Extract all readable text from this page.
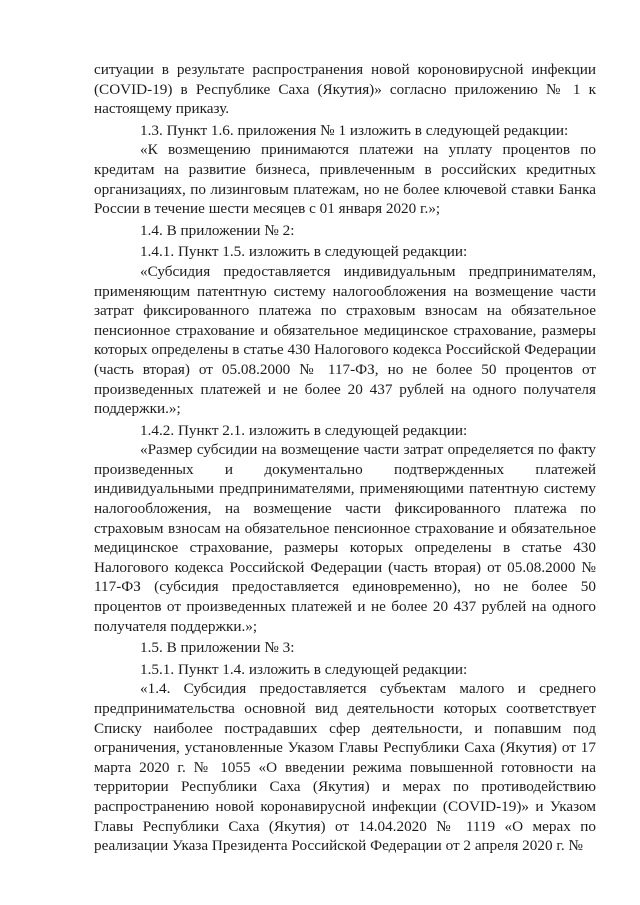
ситуации в результате распространения новой короновирусной инфекции (COVID-19) в Республике Саха (Якутия)» согласно приложению № 1 к настоящему приказу.

1.3. Пункт 1.6. приложения № 1 изложить в следующей редакции:

«К возмещению принимаются платежи на уплату процентов по кредитам на развитие бизнеса, привлеченным в российских кредитных организациях, по лизинговым платежам, но не более ключевой ставки Банка России в течение шести месяцев с 01 января 2020 г.»;

1.4. В приложении № 2:

1.4.1. Пункт 1.5. изложить в следующей редакции:

«Субсидия предоставляется индивидуальным предпринимателям, применяющим патентную систему налогообложения на возмещение части затрат фиксированного платежа по страховым взносам на обязательное пенсионное страхование и обязательное медицинское страхование, размеры которых определены в статье 430 Налогового кодекса Российской Федерации (часть вторая) от 05.08.2000 № 117-ФЗ, но не более 50 процентов от произведенных платежей и не более 20 437 рублей на одного получателя поддержки.»;

1.4.2. Пункт 2.1. изложить в следующей редакции:

«Размер субсидии на возмещение части затрат определяется по факту произведенных и документально подтвержденных платежей индивидуальными предпринимателями, применяющими патентную систему налогообложения, на возмещение части фиксированного платежа по страховым взносам на обязательное пенсионное страхование и обязательное медицинское страхование, размеры которых определены в статье 430 Налогового кодекса Российской Федерации (часть вторая) от 05.08.2000 № 117-ФЗ (субсидия предоставляется единовременно), но не более 50 процентов от произведенных платежей и не более 20 437 рублей на одного получателя поддержки.»;

1.5. В приложении № 3:

1.5.1. Пункт 1.4. изложить в следующей редакции:

«1.4. Субсидия предоставляется субъектам малого и среднего предпринимательства основной вид деятельности которых соответствует Списку наиболее пострадавших сфер деятельности, и попавшим под ограничения, установленные Указом Главы Республики Саха (Якутия) от 17 марта 2020 г. № 1055 «О введении режима повышенной готовности на территории Республики Саха (Якутия) и мерах по противодействию распространению новой коронавирусной инфекции (COVID-19)» и Указом Главы Республики Саха (Якутия) от 14.04.2020 № 1119 «О мерах по реализации Указа Президента Российской Федерации от 2 апреля 2020 г. №
